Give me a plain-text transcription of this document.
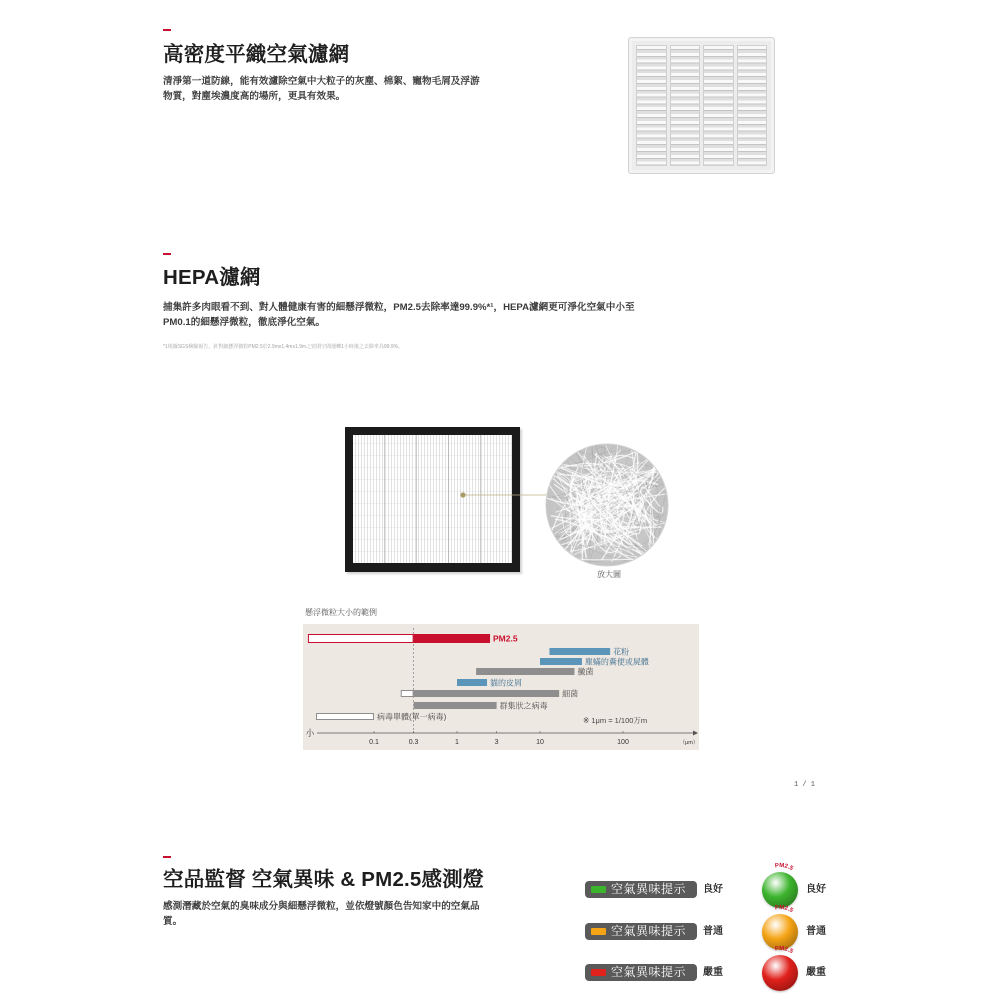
高密度平織空氣濾網
清淨第一道防線，能有效濾除空氣中大粒子的灰塵、棉絮、寵物毛屑及浮游
物質，對塵埃濃度高的場所，更具有效果。
HEPA濾網
捕集許多肉眼看不到、對人體健康有害的細懸浮微粒，PM2.5去除率達99.9%*¹，HEPA濾網更可淨化空氣中小至
PM0.1的細懸浮微粒，徹底淨化空氣。
*1根據SGS檢驗報告，針對細懸浮微粒PM2.5於2.9mx1.4mx1.9m之密閉空間運轉1小時後之去除率為99.9%。
放大圖
懸浮微粒大小的範例
PM2.5
花粉
塵蟎的糞便或屍體
黴菌
貓的皮屑
細菌
群集狀之病毒
病毒單體(單一病毒)
小
0.1	0.3	1	3	10	100	（μm）
※ 1μm = 1/100万m
1 / 1
空品監督 空氣異味 & PM2.5感測燈
感測潛藏於空氣的臭味成分與細懸浮微粒，並依燈號顏色告知家中的空氣品
質。
空氣異味提示 良好
PM2.5
良好
空氣異味提示 普通
PM2.5
普通
空氣異味提示 嚴重
PM2.5
嚴重
